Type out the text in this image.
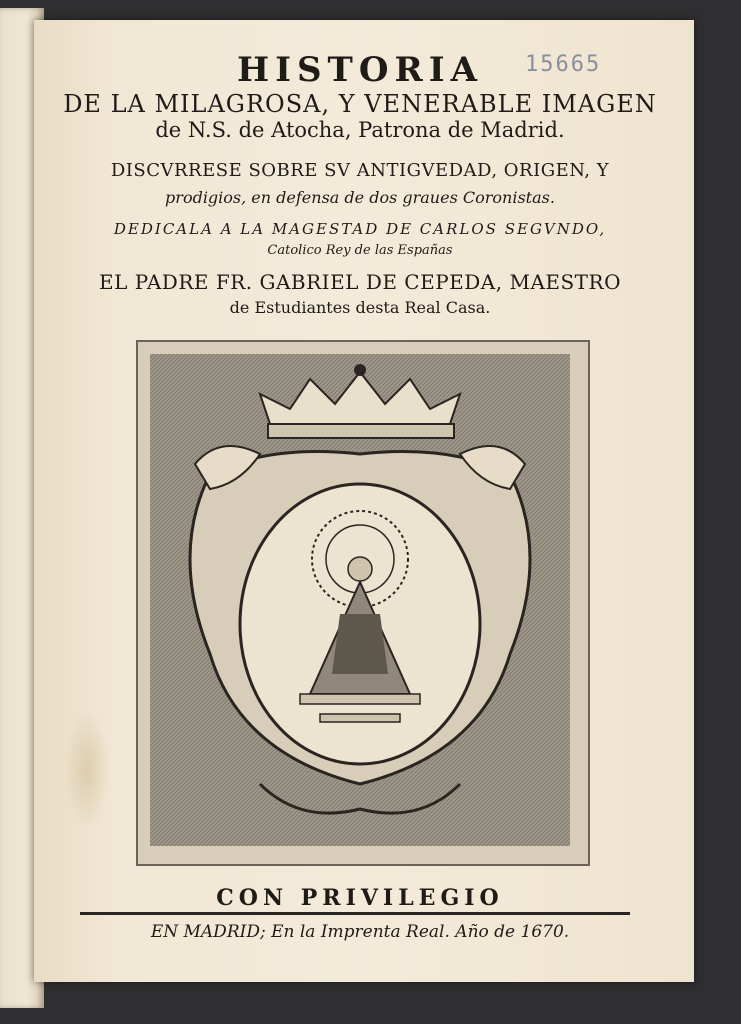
15665
HISTORIA
DE LA MILAGROSA, Y VENERABLE IMAGEN
de N.S. de Atocha, Patrona de Madrid.
DISCVRRESE SOBRE SV ANTIGVEDAD, ORIGEN, Y
prodigios, en defensa de dos graues Coronistas.
DEDICALA A LA MAGESTAD DE CARLOS SEGVNDO,
Catolico Rey de las Españas
EL PADRE FR. GABRIEL DE CEPEDA, MAESTRO
de Estudiantes desta Real Casa.
CON PRIVILEGIO
EN MADRID; En la Imprenta Real. Año de 1670.
